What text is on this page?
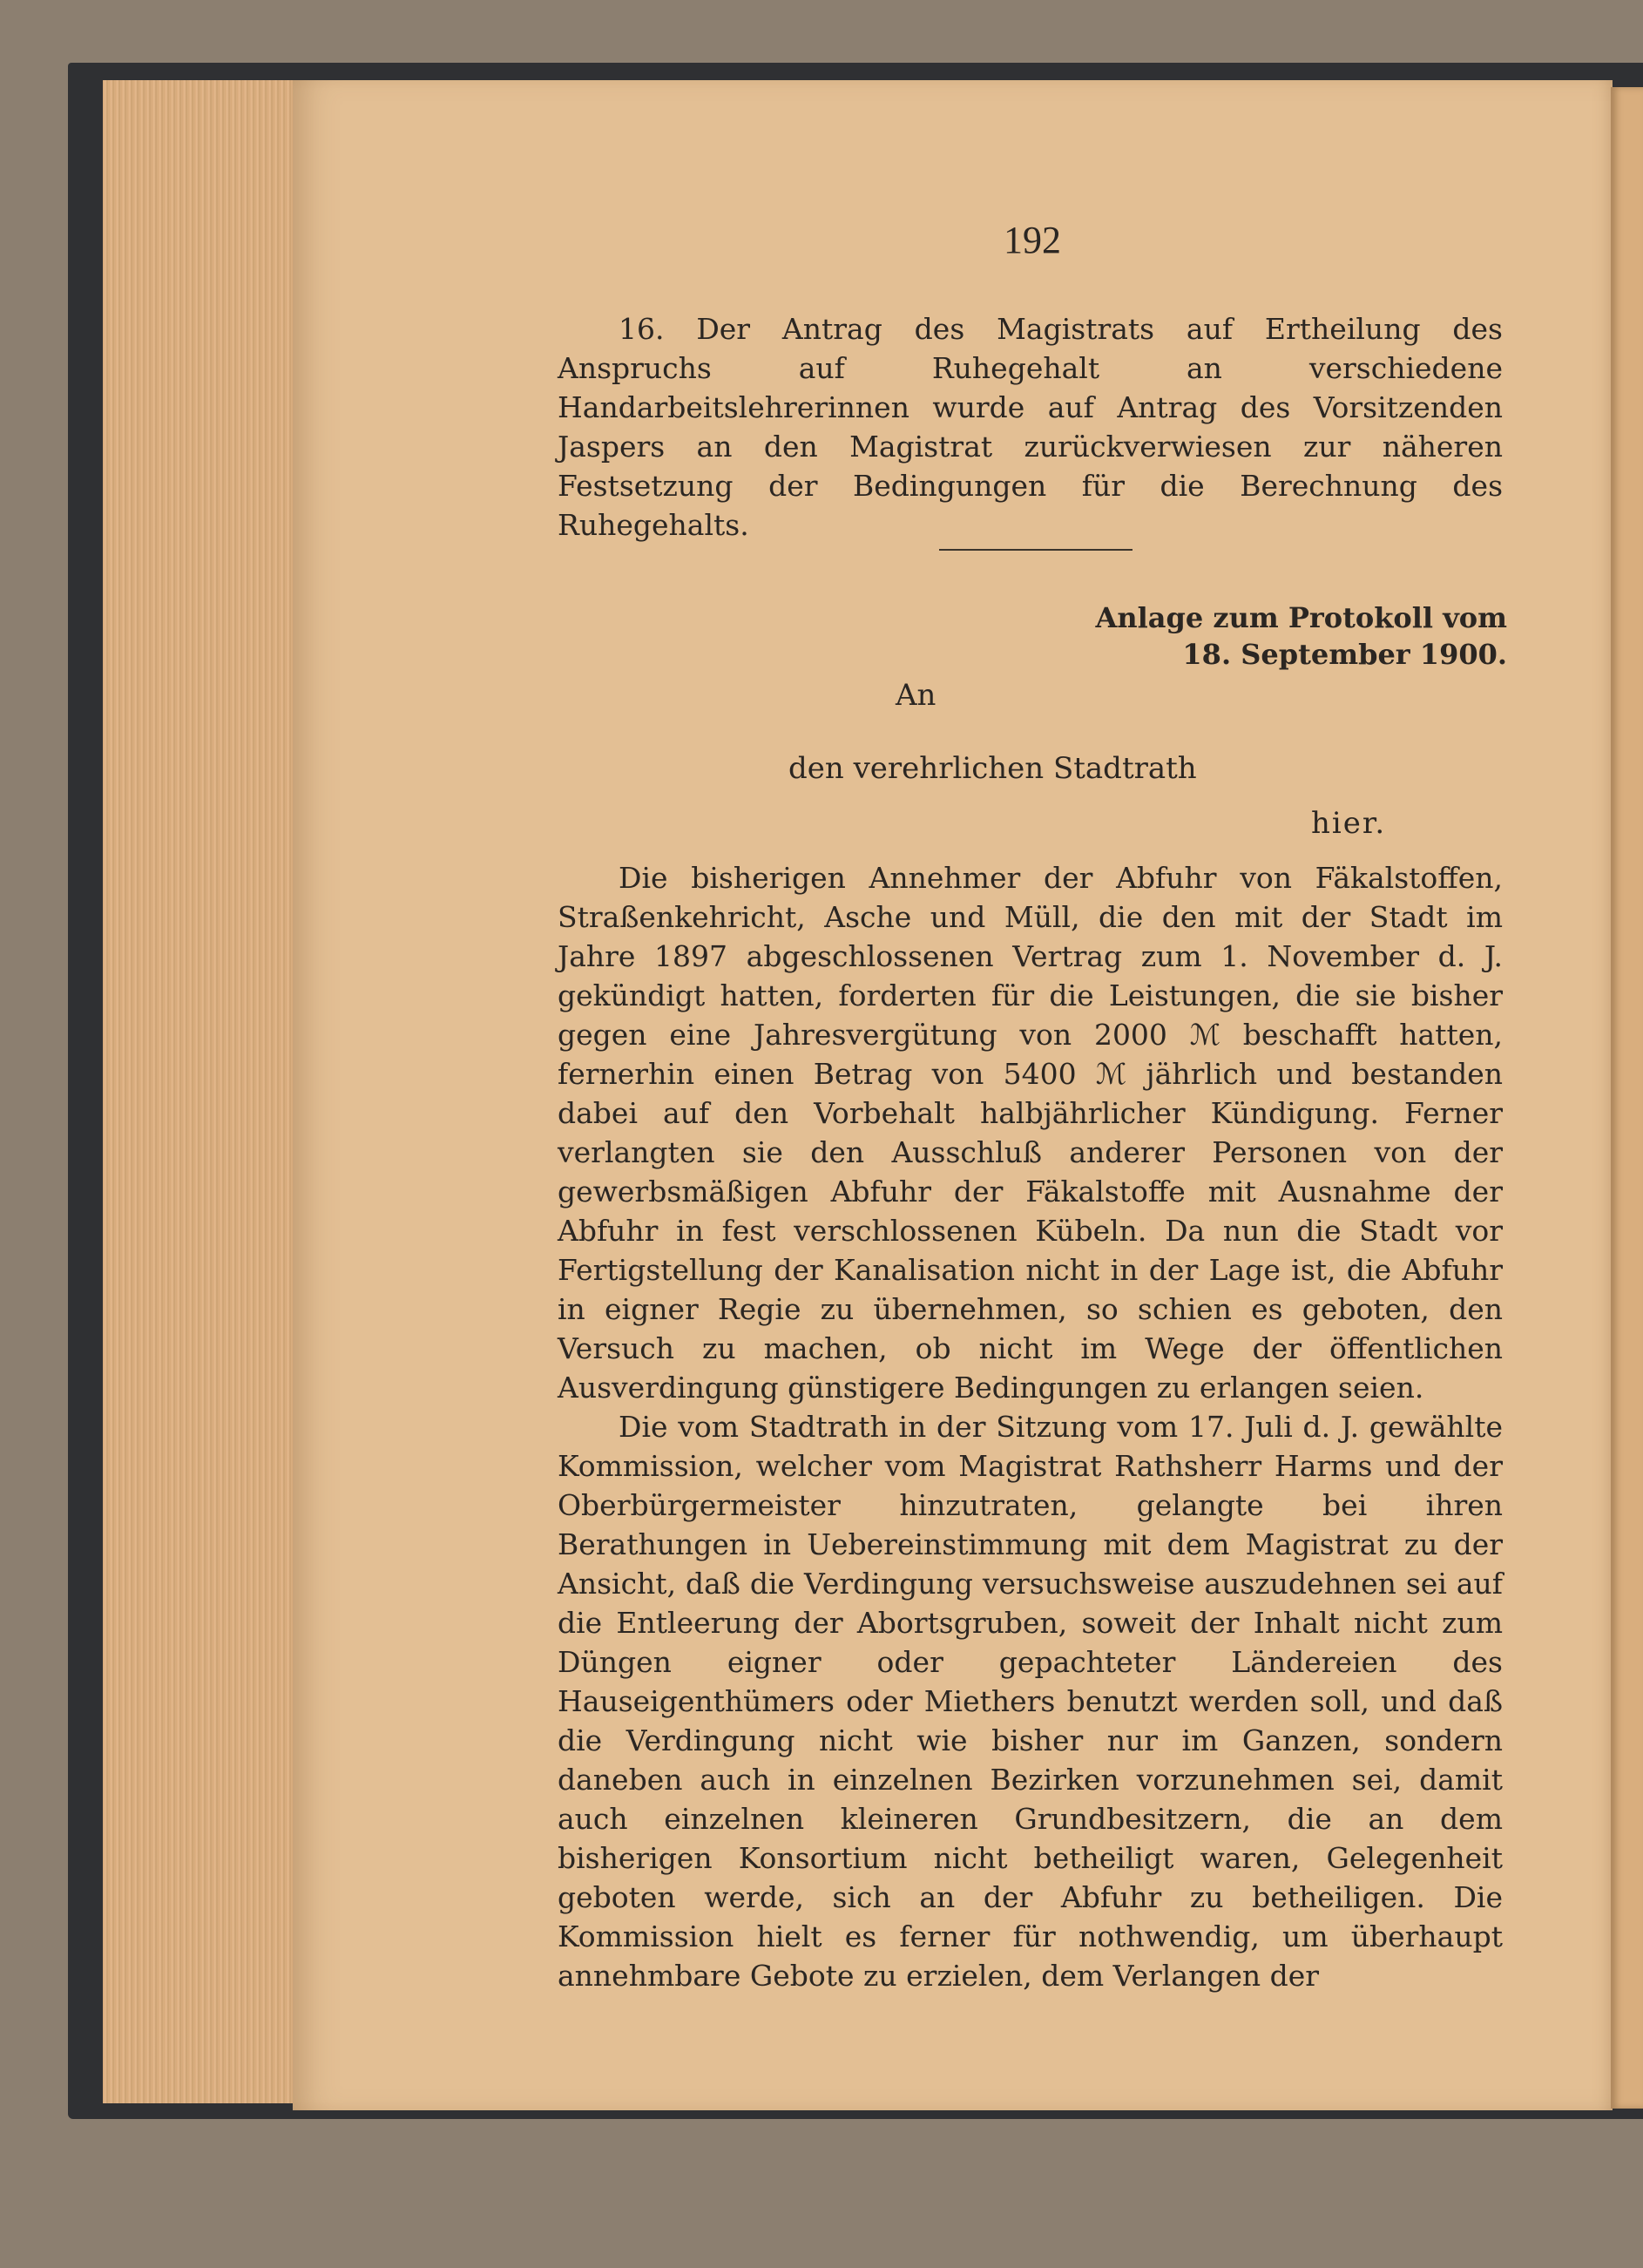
192

16. Der Antrag des Magistrats auf Ertheilung des Anspruchs auf Ruhegehalt an verschiedene Handarbeitslehrerinnen wurde auf Antrag des Vorsitzenden Jaspers an den Magistrat zurückverwiesen zur näheren Festsetzung der Bedingungen für die Berechnung des Ruhegehalts.

Anlage zum Protokoll vom
18. September 1900.
An
den verehrlichen Stadtrath
hier.

Die bisherigen Annehmer der Abfuhr von Fäkalstoffen, Straßenkehricht, Asche und Müll, die den mit der Stadt im Jahre 1897 abgeschlossenen Vertrag zum 1. November d. J. gekündigt hatten, forderten für die Leistungen, die sie bisher gegen eine Jahresvergütung von 2000 ℳ beschafft hatten, fernerhin einen Betrag von 5400 ℳ jährlich und bestanden dabei auf den Vorbehalt halbjährlicher Kündigung. Ferner verlangten sie den Ausschluß anderer Personen von der gewerbsmäßigen Abfuhr der Fäkalstoffe mit Ausnahme der Abfuhr in fest verschlossenen Kübeln. Da nun die Stadt vor Fertigstellung der Kanalisation nicht in der Lage ist, die Abfuhr in eigner Regie zu übernehmen, so schien es geboten, den Versuch zu machen, ob nicht im Wege der öffentlichen Ausverdingung günstigere Bedingungen zu erlangen seien.

Die vom Stadtrath in der Sitzung vom 17. Juli d. J. gewählte Kommission, welcher vom Magistrat Rathsherr Harms und der Oberbürgermeister hinzutraten, gelangte bei ihren Berathungen in Uebereinstimmung mit dem Magistrat zu der Ansicht, daß die Verdingung versuchsweise auszudehnen sei auf die Entleerung der Abortsgruben, soweit der Inhalt nicht zum Düngen eigner oder gepachteter Ländereien des Hauseigenthümers oder Miethers benutzt werden soll, und daß die Verdingung nicht wie bisher nur im Ganzen, sondern daneben auch in einzelnen Bezirken vorzunehmen sei, damit auch einzelnen kleineren Grundbesitzern, die an dem bisherigen Konsortium nicht betheiligt waren, Gelegenheit geboten werde, sich an der Abfuhr zu betheiligen. Die Kommission hielt es ferner für nothwendig, um überhaupt annehmbare Gebote zu erzielen, dem Verlangen der
